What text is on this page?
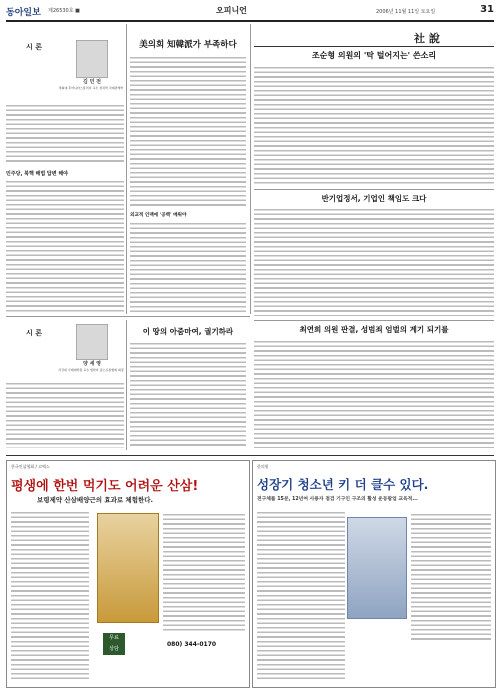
동아일보 제26530호 ■	오피니언	2006년 11월 11일 토요일	31
시 론
김 민 전
경희대 후마니타스칼리지 교수 정치학·국제관계학
민주당, 북핵 해법 답변 해야
美의회 知韓派가 부족하다
외교적 인맥에 '공백' 메워야
社 說
조순형 의원의 '탁 털어지는' 쓴소리
반기업정서, 기업인 책임도 크다
최연희 의원 판결, 성범죄 엄벌의 계기 되기를
시 론
양 세 영
서강대 국제대학원 교수 법학자 중소유통협회 회장
이 땅의 아줌마여, 궐기하라
한국인삼협회 / 코엑스
평생에 한번 먹기도 어려운 산삼!
보령제약 산삼배양근의 효과로 체험한다.
무료
상담
080) 344-0170
한의원
성장기 청소년 키 더 클수 있다.
전구체를 15분, 12년여 사용자 점검 기구인 구조의 활성 운동팜업 교육적...
